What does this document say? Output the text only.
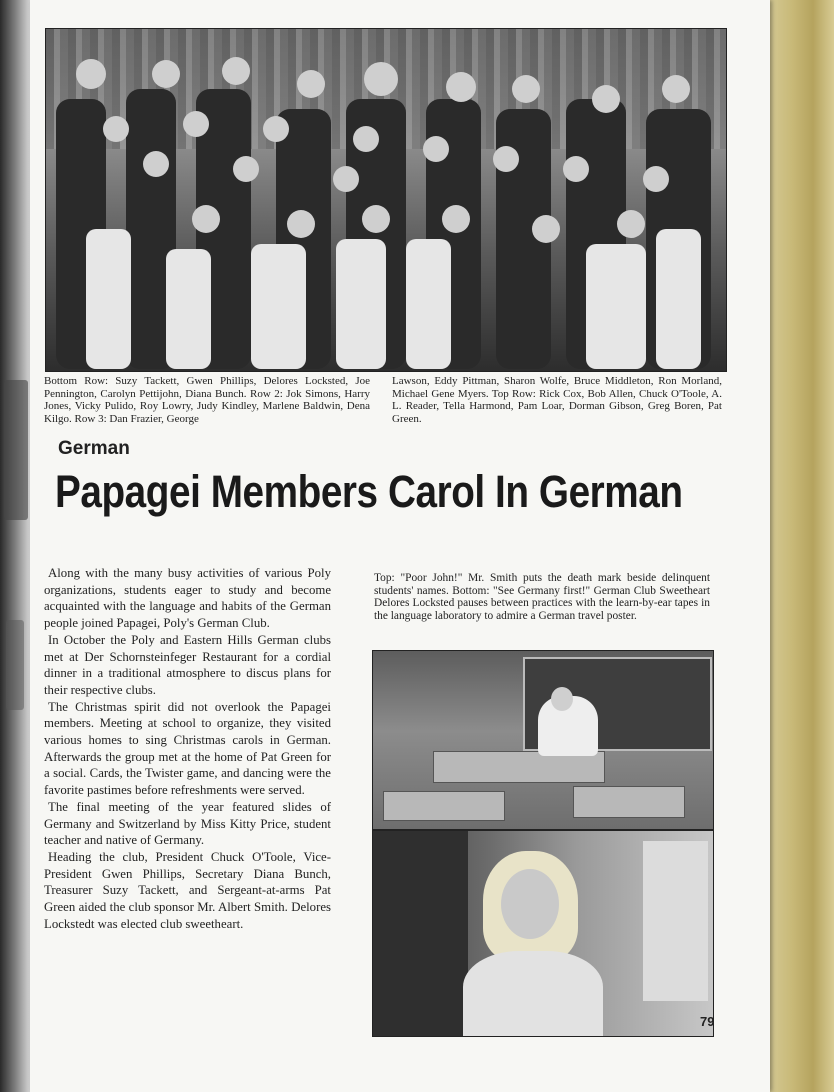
Bottom Row: Suzy Tackett, Gwen Phillips, Delores Locksted, Joe Pennington, Carolyn Pettijohn, Diana Bunch. Row 2: Jok Simons, Harry Jones, Vicky Pulido, Roy Lowry, Judy Kindley, Marlene Baldwin, Dena Kilgo. Row 3: Dan Frazier, George
Lawson, Eddy Pittman, Sharon Wolfe, Bruce Middleton, Ron Morland, Michael Gene Myers. Top Row: Rick Cox, Bob Allen, Chuck O'Toole, A. L. Reader, Tella Harmond, Pam Loar, Dorman Gibson, Greg Boren, Pat Green.
German
Papagei Members Carol In German

Along with the many busy activities of various Poly organizations, students eager to study and become acquainted with the language and habits of the German people joined Papagei, Poly's German Club.

In October the Poly and Eastern Hills German clubs met at Der Schornsteinfeger Restaurant for a cordial dinner in a traditional atmosphere to discus plans for their respective clubs.

The Christmas spirit did not overlook the Papagei members. Meeting at school to organize, they visited various homes to sing Christmas carols in German. Afterwards the group met at the home of Pat Green for a social. Cards, the Twister game, and dancing were the favorite pastimes before refreshments were served.

The final meeting of the year featured slides of Germany and Switzerland by Miss Kitty Price, student teacher and native of Germany.

Heading the club, President Chuck O'Toole, Vice-President Gwen Phillips, Secretary Diana Bunch, Treasurer Suzy Tackett, and Sergeant-at-arms Pat Green aided the club sponsor Mr. Albert Smith. Delores Lockstedt was elected club sweetheart.

Top: "Poor John!" Mr. Smith puts the death mark beside delinquent students' names. Bottom: "See Germany first!" German Club Sweetheart Delores Locksted pauses between practices with the learn-by-ear tapes in the language laboratory to admire a German travel poster.
79
